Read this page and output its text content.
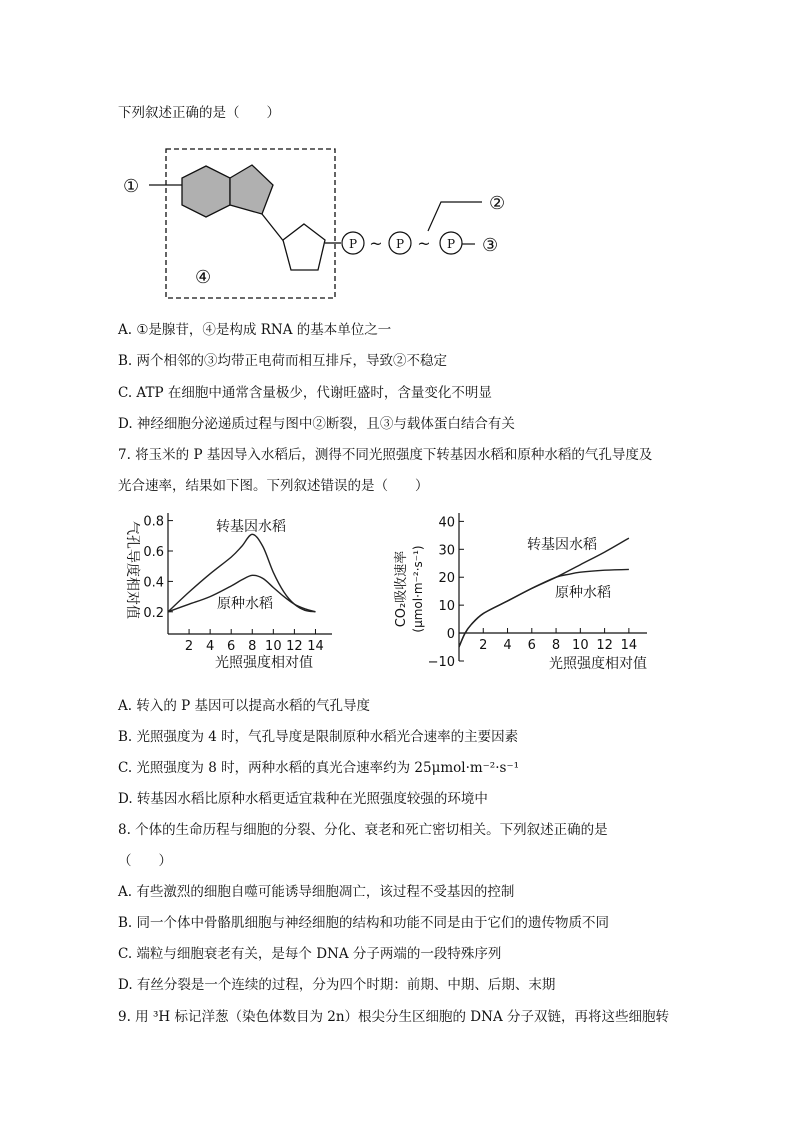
下列叙述正确的是（　　）
①
P ~ P ~ P
②
③
④
A. ①是腺苷，④是构成 RNA 的基本单位之一
B. 两个相邻的③均带正电荷而相互排斥，导致②不稳定
C. ATP 在细胞中通常含量极少，代谢旺盛时，含量变化不明显
D. 神经细胞分泌递质过程与图中②断裂，且③与载体蛋白结合有关
7. 将玉米的 P 基因导入水稻后，测得不同光照强度下转基因水稻和原种水稻的气孔导度及
光合速率，结果如下图。下列叙述错误的是（　　）
2 4 6 8 10 12 14
0.2
0.4
0.6
0.8
气孔导度相对值
光照强度相对值
转基因水稻
原种水稻
2 4 6 8 10 12 14
−10
0
10
20
30
40
CO₂吸收速率 (μmol·m⁻²·s⁻¹)
光照强度相对值
转基因水稻
原种水稻
A. 转入的 P 基因可以提高水稻的气孔导度
B. 光照强度为 4 时，气孔导度是限制原种水稻光合速率的主要因素
C. 光照强度为 8 时，两种水稻的真光合速率约为 25μmol·m⁻²·s⁻¹
D. 转基因水稻比原种水稻更适宜栽种在光照强度较强的环境中
8. 个体的生命历程与细胞的分裂、分化、衰老和死亡密切相关。下列叙述正确的是
（　　）
A. 有些激烈的细胞自噬可能诱导细胞凋亡，该过程不受基因的控制
B. 同一个体中骨骼肌细胞与神经细胞的结构和功能不同是由于它们的遗传物质不同
C. 端粒与细胞衰老有关，是每个 DNA 分子两端的一段特殊序列
D. 有丝分裂是一个连续的过程，分为四个时期：前期、中期、后期、末期
9. 用 ³H 标记洋葱（染色体数目为 2n）根尖分生区细胞的 DNA 分子双链，再将这些细胞转
